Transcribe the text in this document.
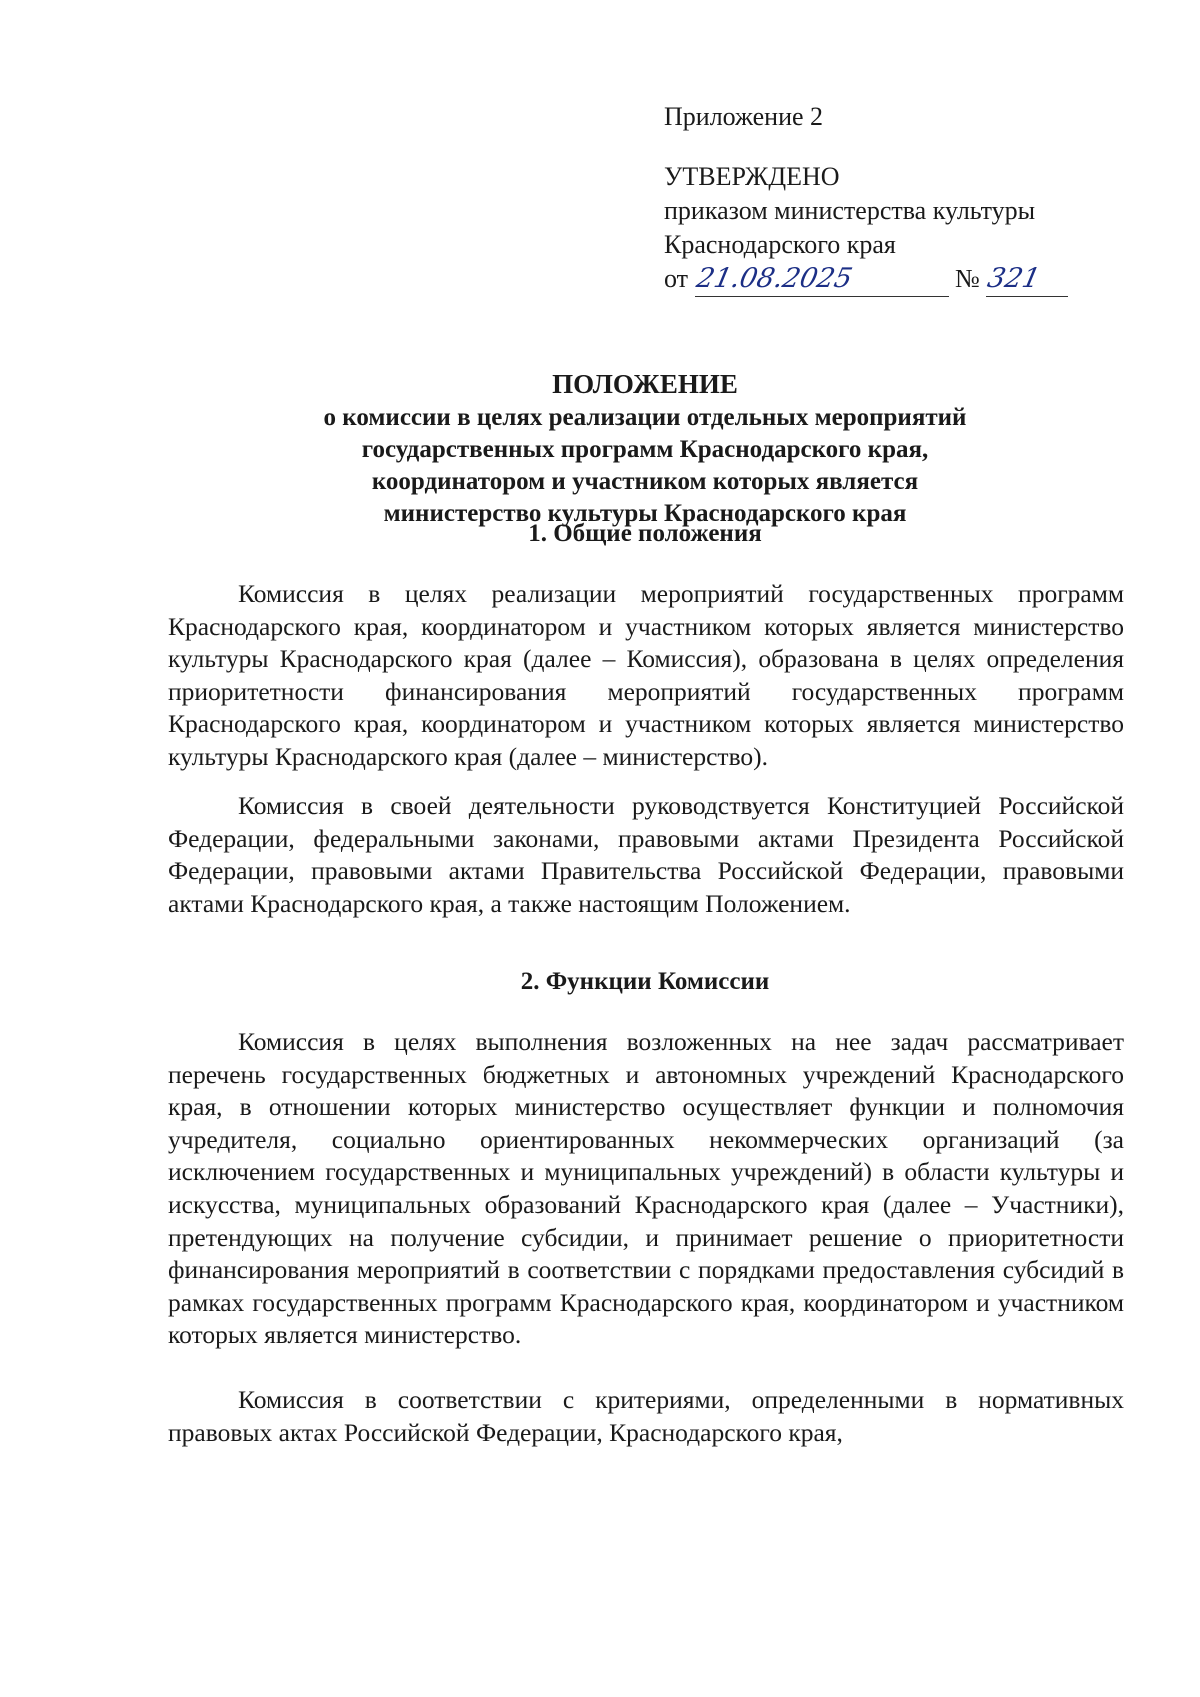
Приложение 2
УТВЕРЖДЕНО
приказом министерства культуры
Краснодарского края
от 21.08.2025	№ 321
ПОЛОЖЕНИЕ
о комиссии в целях реализации отдельных мероприятий
государственных программ Краснодарского края,
координатором и участником которых является
министерство культуры Краснодарского края
1. Общие положения

Комиссия в целях реализации мероприятий государственных программ Краснодарского края, координатором и участником которых является министерство культуры Краснодарского края (далее – Комиссия), образована в целях определения приоритетности финансирования мероприятий государственных программ Краснодарского края, координатором и участником которых является министерство культуры Краснодарского края (далее – министерство).

Комиссия в своей деятельности руководствуется Конституцией Российской Федерации, федеральными законами, правовыми актами Президента Российской Федерации, правовыми актами Правительства Российской Федерации, правовыми актами Краснодарского края, а также настоящим Положением.

2. Функции Комиссии

Комиссия в целях выполнения возложенных на нее задач рассматривает перечень государственных бюджетных и автономных учреждений Краснодарского края, в отношении которых министерство осуществляет функции и полномочия учредителя, социально ориентированных некоммерческих организаций (за исключением государственных и муниципальных учреждений) в области культуры и искусства, муниципальных образований Краснодарского края (далее – Участники), претендующих на получение субсидии, и принимает решение о приоритетности финансирования мероприятий в соответствии с порядками предоставления субсидий в рамках государственных программ Краснодарского края, координатором и участником которых является министерство.

Комиссия в соответствии с критериями, определенными в нормативных правовых актах Российской Федерации, Краснодарского края,
